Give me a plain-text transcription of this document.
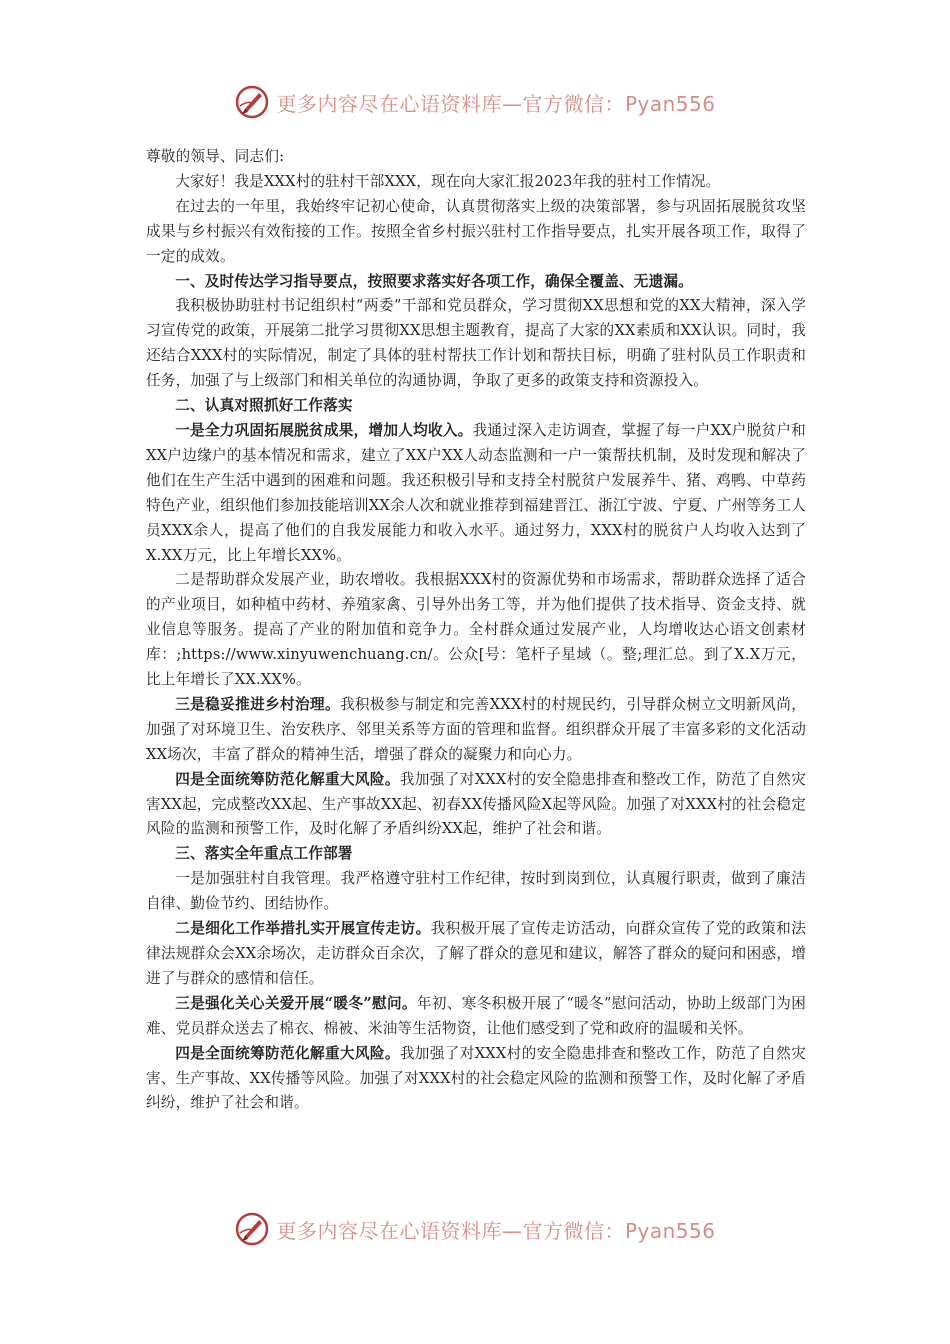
更多内容尽在心语资料库—官方微信：Pyan556

尊敬的领导、同志们:

大家好！我是XXX村的驻村干部XXX，现在向大家汇报2023年我的驻村工作情况。

在过去的一年里，我始终牢记初心使命，认真贯彻落实上级的决策部署，参与巩固拓展脱贫攻坚成果与乡村振兴有效衔接的工作。按照全省乡村振兴驻村工作指导要点，扎实开展各项工作，取得了一定的成效。

一、及时传达学习指导要点，按照要求落实好各项工作，确保全覆盖、无遗漏。

我积极协助驻村书记组织村“两委”干部和党员群众，学习贯彻XX思想和党的XX大精神，深入学习宣传党的政策，开展第二批学习贯彻XX思想主题教育，提高了大家的XX素质和XX认识。同时，我还结合XXX村的实际情况，制定了具体的驻村帮扶工作计划和帮扶目标，明确了驻村队员工作职责和任务，加强了与上级部门和相关单位的沟通协调，争取了更多的政策支持和资源投入。

二、认真对照抓好工作落实

一是全力巩固拓展脱贫成果，增加人均收入。我通过深入走访调查，掌握了每一户XX户脱贫户和XX户边缘户的基本情况和需求，建立了XX户XX人动态监测和一户一策帮扶机制，及时发现和解决了他们在生产生活中遇到的困难和问题。我还积极引导和支持全村脱贫户发展养牛、猪、鸡鸭、中草药特色产业，组织他们参加技能培训XX余人次和就业推荐到福建晋江、浙江宁波、宁夏、广州等务工人员XXX余人，提高了他们的自我发展能力和收入水平。通过努力，XXX村的脱贫户人均收入达到了X.XX万元，比上年增长XX%。

二是帮助群众发展产业，助农增收。我根据XXX村的资源优势和市场需求，帮助群众选择了适合的产业项目，如种植中药材、养殖家禽、引导外出务工等，并为他们提供了技术指导、资金支持、就业信息等服务。提高了产业的附加值和竞争力。全村群众通过发展产业，人均增收达心语文创素材库：;https://www.xinyuwenchuang.cn/。公众[号：笔杆子星域（。整;理汇总。到了X.X万元，比上年增长了XX.XX%。

三是稳妥推进乡村治理。我积极参与制定和完善XXX村的村规民约，引导群众树立文明新风尚，加强了对环境卫生、治安秩序、邻里关系等方面的管理和监督。组织群众开展了丰富多彩的文化活动XX场次，丰富了群众的精神生活，增强了群众的凝聚力和向心力。

四是全面统筹防范化解重大风险。我加强了对XXX村的安全隐患排查和整改工作，防范了自然灾害XX起，完成整改XX起、生产事故XX起、初春XX传播风险X起等风险。加强了对XXX村的社会稳定风险的监测和预警工作，及时化解了矛盾纠纷XX起，维护了社会和谐。

三、落实全年重点工作部署

一是加强驻村自我管理。我严格遵守驻村工作纪律，按时到岗到位，认真履行职责，做到了廉洁自律、勤俭节约、团结协作。

二是细化工作举措扎实开展宣传走访。我积极开展了宣传走访活动，向群众宣传了党的政策和法律法规群众会XX余场次，走访群众百余次，了解了群众的意见和建议，解答了群众的疑问和困惑，增进了与群众的感情和信任。

三是强化关心关爱开展“暖冬”慰问。年初、寒冬积极开展了“暖冬”慰问活动，协助上级部门为困难、党员群众送去了棉衣、棉被、米油等生活物资，让他们感受到了党和政府的温暖和关怀。

四是全面统筹防范化解重大风险。我加强了对XXX村的安全隐患排查和整改工作，防范了自然灾害、生产事故、XX传播等风险。加强了对XXX村的社会稳定风险的监测和预警工作，及时化解了矛盾纠纷，维护了社会和谐。

更多内容尽在心语资料库—官方微信：Pyan556
